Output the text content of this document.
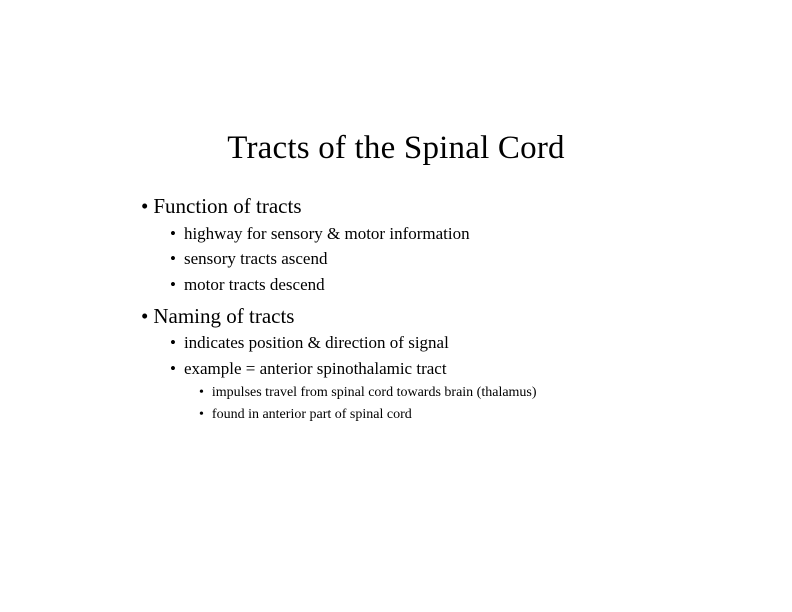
Tracts of the Spinal Cord
• Function of tracts
• highway for sensory & motor information
• sensory tracts ascend
• motor tracts descend
• Naming of tracts
• indicates position & direction of signal
• example = anterior spinothalamic tract
• impulses travel from spinal cord towards brain (thalamus)
• found in anterior part of spinal cord
